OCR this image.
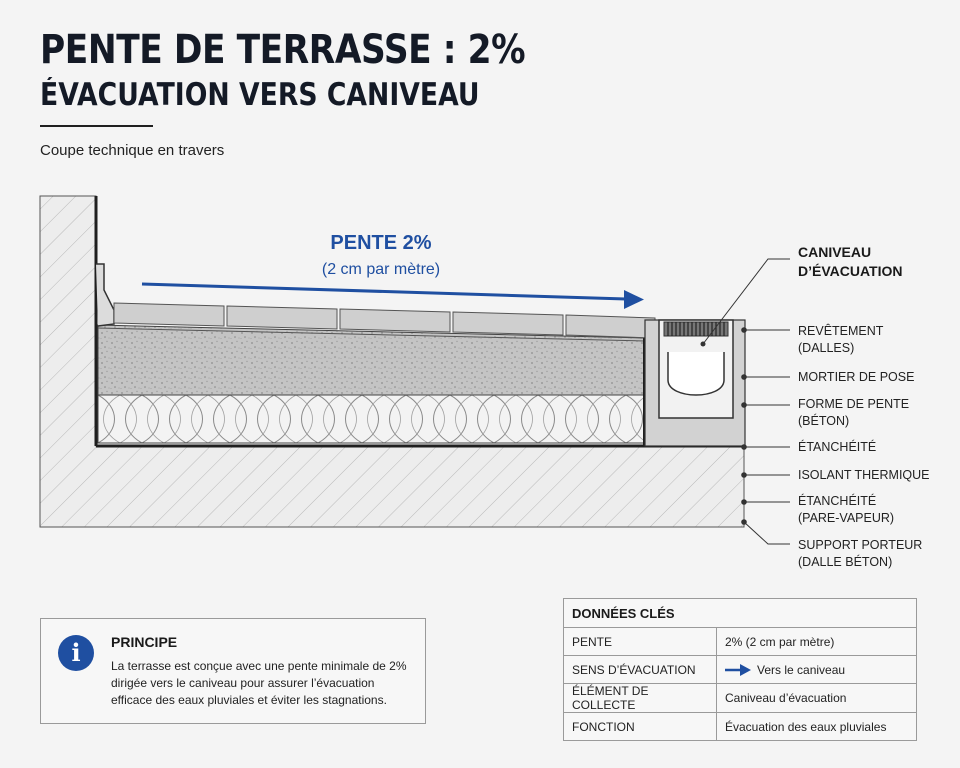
PENTE DE TERRASSE : 2%
ÉVACUATION VERS CANIVEAU
Coupe technique en travers
PENTE 2%
(2 cm par mètre)
CANIVEAU
D’ÉVACUATION
REVÊTEMENT
(DALLES)
MORTIER DE POSE
FORME DE PENTE
(BÉTON)
ÉTANCHÉITÉ
ISOLANT THERMIQUE
ÉTANCHÉITÉ
(PARE-VAPEUR)
SUPPORT PORTEUR
(DALLE BÉTON)
i	PRINCIPE
La terrasse est conçue avec une pente minimale de 2% dirigée vers le caniveau pour assurer l’évacuation efficace des eaux pluviales et éviter les stagnations.
DONNÉES CLÉS	
PENTE	2% (2 cm par mètre)
SENS D’ÉVACUATION	Vers le caniveau
ÉLÉMENT DE COLLECTE	Caniveau d’évacuation
FONCTION	Évacuation des eaux pluviales
